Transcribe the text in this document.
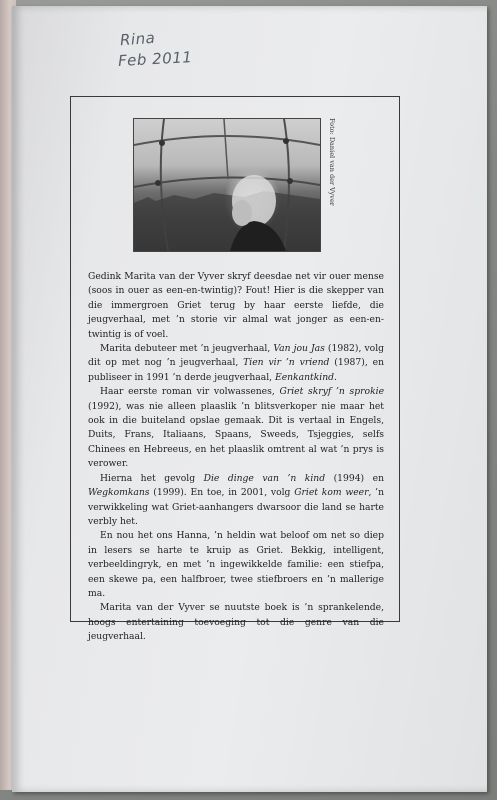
Rina
Feb 2011
Foto: Daniel van der Vyver

Gedink Marita van der Vyver skryf deesdae net vir ouer mense (soos in ouer as een-en-twintig)? Fout! Hier is die skepper van die immergroen Griet terug by haar eerste liefde, die jeugverhaal, met ’n storie vir almal wat jonger as een-en-twintig is of voel.

Marita debuteer met ’n jeugverhaal, Van jou Jas (1982), volg dit op met nog ’n jeugverhaal, Tien vir ’n vriend (1987), en publiseer in 1991 ’n derde jeugverhaal, Eenkantkind.

Haar eerste roman vir volwassenes, Griet skryf ’n sprokie (1992), was nie alleen plaaslik ’n blitsverkoper nie maar het ook in die buiteland opslae gemaak. Dit is vertaal in Engels, Duits, Frans, Italiaans, Spaans, Sweeds, Tsjeggies, selfs Chinees en Hebreeus, en het plaaslik omtrent al wat ’n prys is verower.

Hierna het gevolg Die dinge van ’n kind (1994) en Wegkomkans (1999). En toe, in 2001, volg Griet kom weer, ’n verwikkeling wat Griet-aanhangers dwarsoor die land se harte verbly het.

En nou het ons Hanna, ’n heldin wat beloof om net so diep in lesers se harte te kruip as Griet. Bekkig, intelligent, verbeeldingryk, en met ’n ingewikkelde familie: een stiefpa, een skewe pa, een halfbroer, twee stiefbroers en ’n mallerige ma.

Marita van der Vyver se nuutste boek is ’n sprankelende, hoogs entertaining toevoeging tot die genre van die jeugverhaal.
